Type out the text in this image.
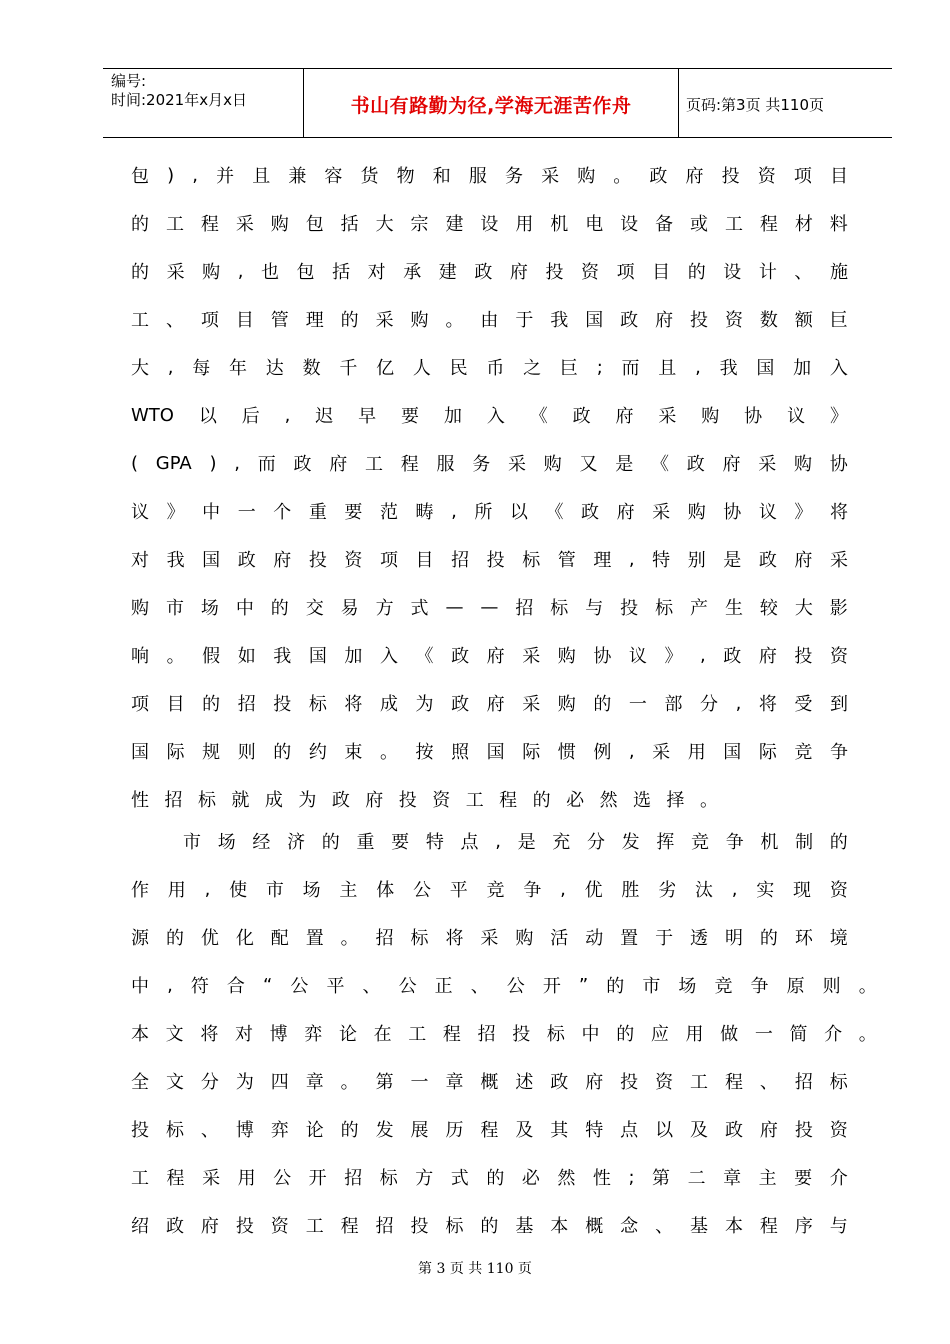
编号:
时间:2021年x月x日	书山有路勤为径,学海无涯苦作舟	页码:第3页 共110页
包 ) , 并 且 兼 容 货 物 和 服 务 采 购 。 政 府 投 资 项 目
的 工 程 采 购 包 括 大 宗 建 设 用 机 电 设 备 或 工 程 材 料
的 采 购 , 也 包 括 对 承 建 政 府 投 资 项 目 的 设 计 、 施
工 、 项 目 管 理 的 采 购 。 由 于 我 国 政 府 投 资 数 额 巨
大 , 每 年 达 数 千 亿 人 民 币 之 巨 ; 而 且 , 我 国 加 入
WTO 以 后 , 迟 早 要 加 入 《 政 府 采 购 协 议 》
( GPA ) , 而 政 府 工 程 服 务 采 购 又 是 《 政 府 采 购 协
议 》 中 一 个 重 要 范 畴 , 所 以 《 政 府 采 购 协 议 》 将
对 我 国 政 府 投 资 项 目 招 投 标 管 理 , 特 别 是 政 府 采
购 市 场 中 的 交 易 方 式 — — 招 标 与 投 标 产 生 较 大 影
响 。 假 如 我 国 加 入 《 政 府 采 购 协 议 》 , 政 府 投 资
项 目 的 招 投 标 将 成 为 政 府 采 购 的 一 部 分 , 将 受 到
国 际 规 则 的 约 束 。 按 照 国 际 惯 例 , 采 用 国 际 竞 争
性 招 标 就 成 为 政 府 投 资 工 程 的 必 然 选 择 。
市 场 经 济 的 重 要 特 点 , 是 充 分 发 挥 竞 争 机 制 的
作 用 , 使 市 场 主 体 公 平 竞 争 , 优 胜 劣 汰 , 实 现 资
源 的 优 化 配 置 。 招 标 将 采 购 活 动 置 于 透 明 的 环 境
中 , 符 合 “ 公 平 、 公 正 、 公 开 ” 的 市 场 竞 争 原 则 。
本 文 将 对 博 弈 论 在 工 程 招 投 标 中 的 应 用 做 一 简 介 。
全 文 分 为 四 章 。 第 一 章 概 述 政 府 投 资 工 程 、 招 标
投 标 、 博 弈 论 的 发 展 历 程 及 其 特 点 以 及 政 府 投 资
工 程 采 用 公 开 招 标 方 式 的 必 然 性 ; 第 二 章 主 要 介
绍 政 府 投 资 工 程 招 投 标 的 基 本 概 念 、 基 本 程 序 与
第 3 页 共 110 页
